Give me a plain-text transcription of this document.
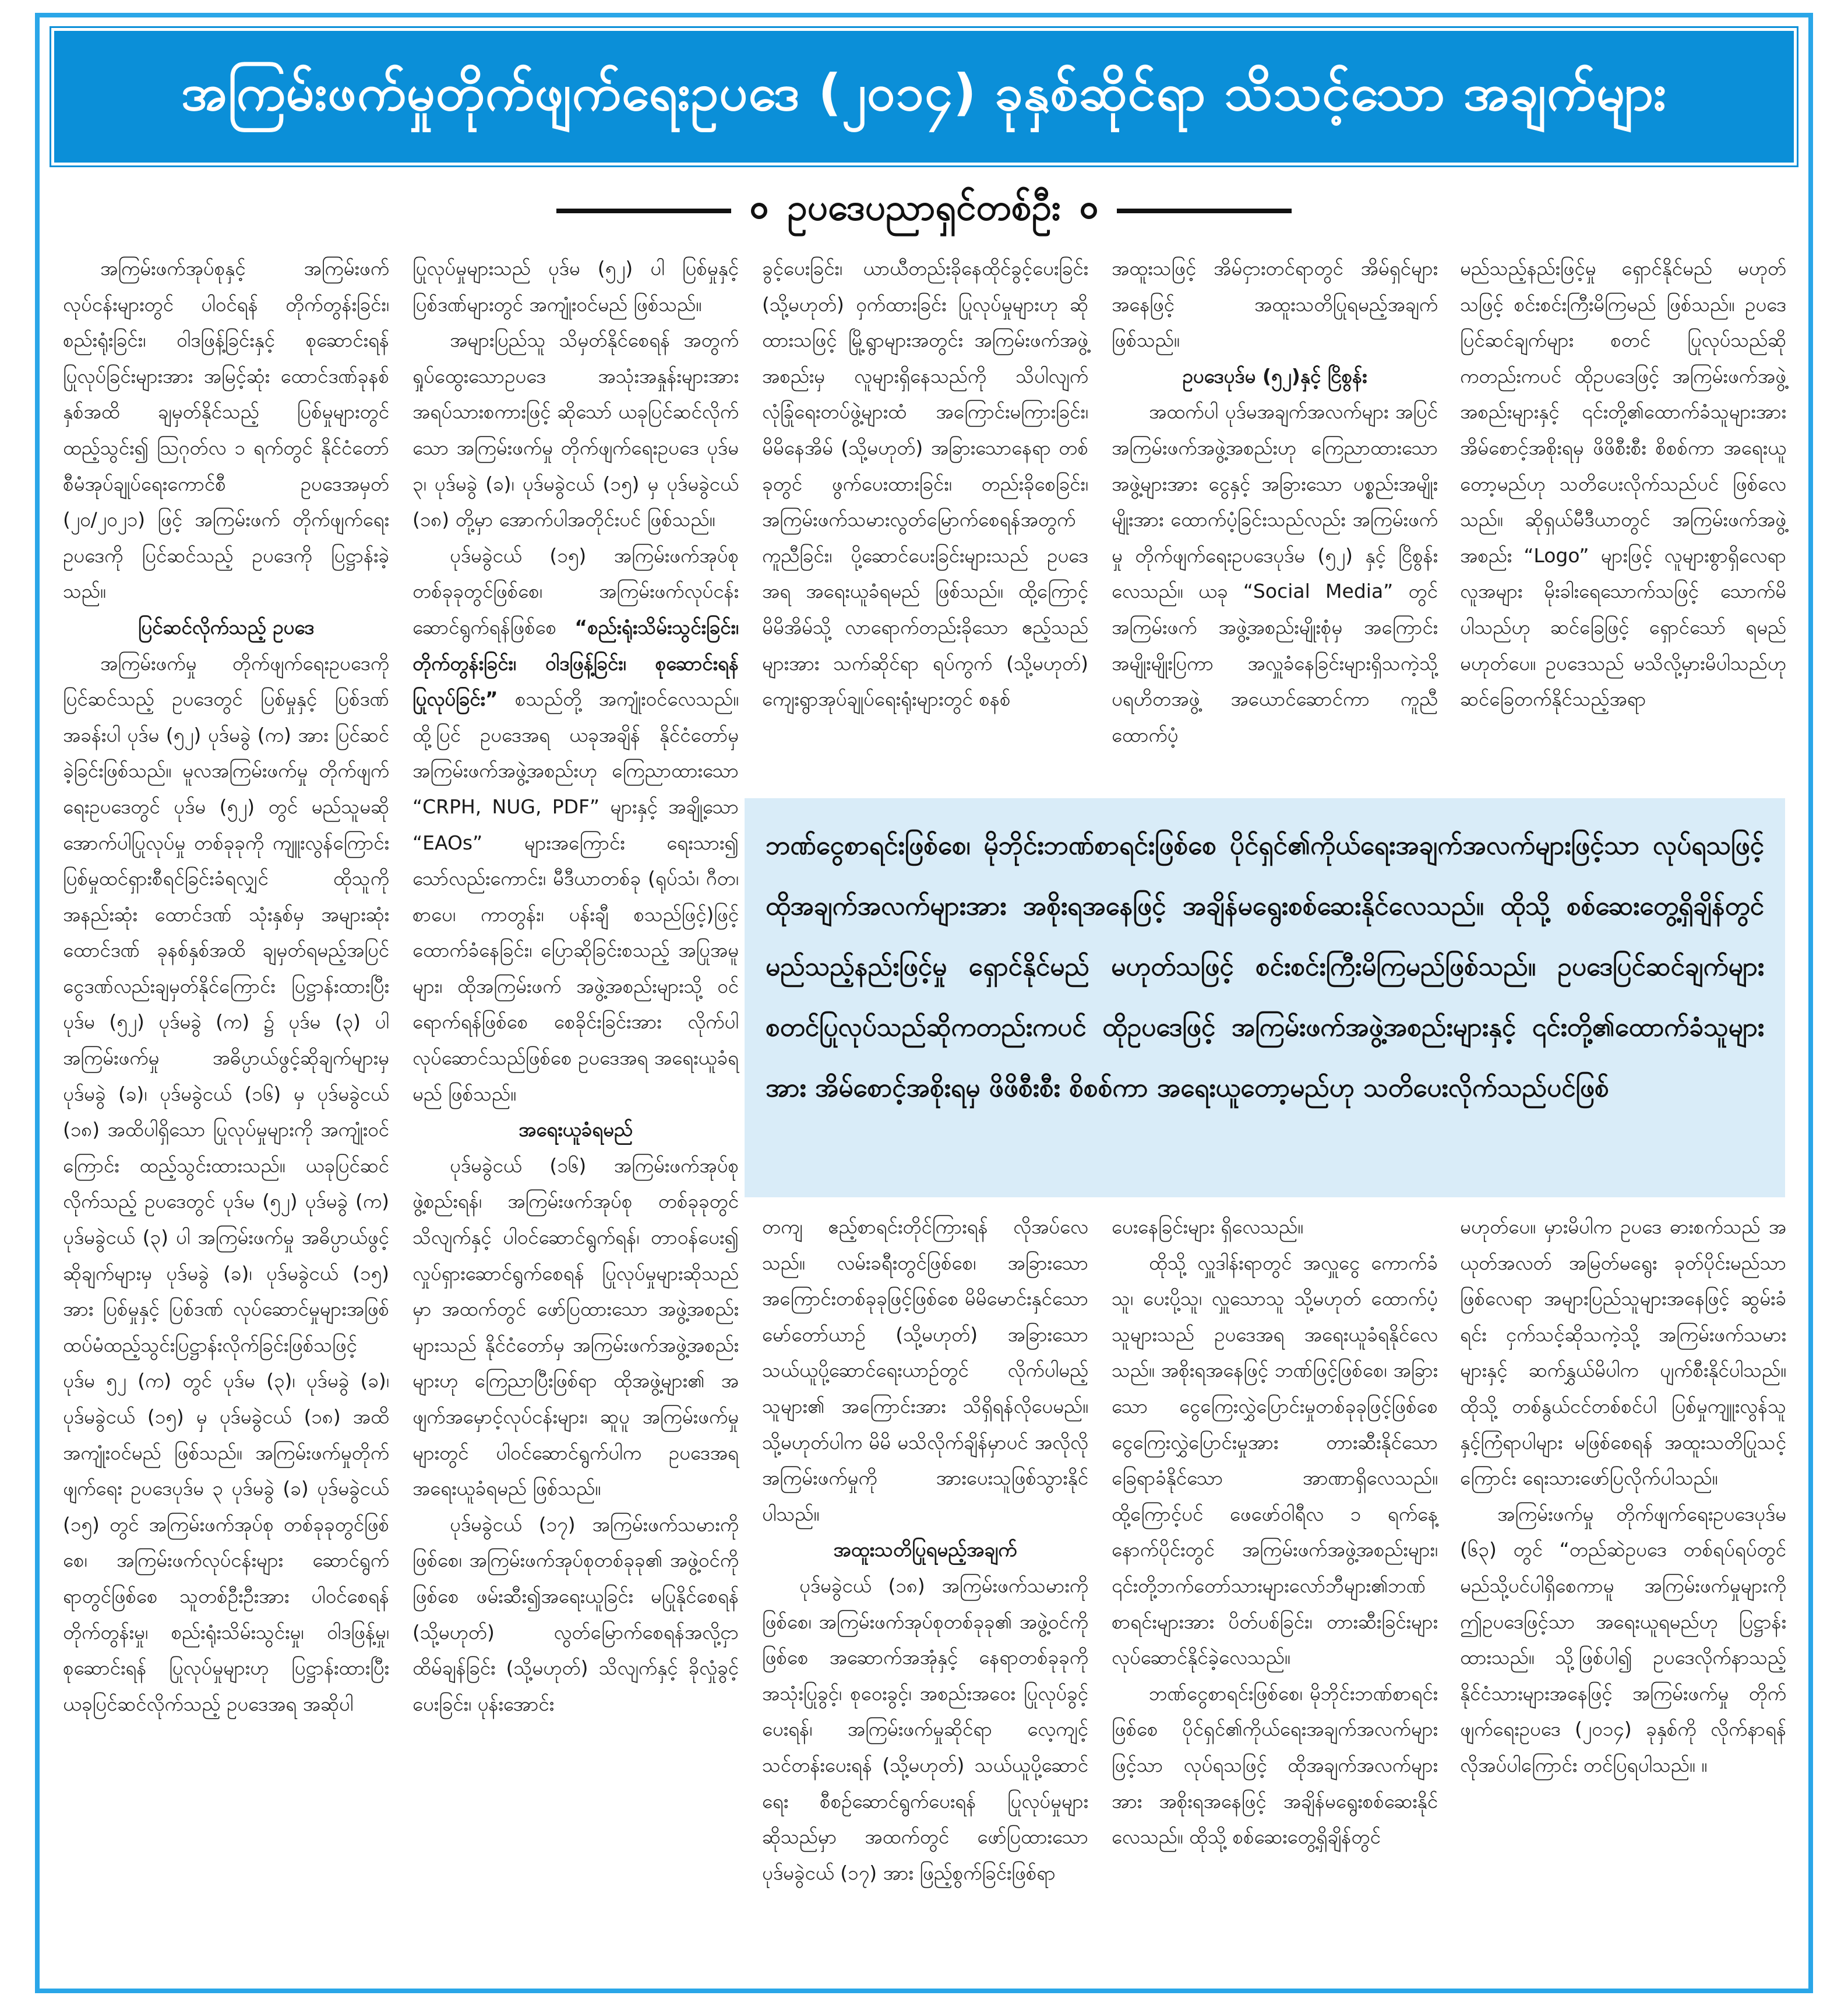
အကြမ်းဖက်မှုတိုက်ဖျက်ရေးဥပဒေ (၂၀၁၄) ခုနှစ်ဆိုင်ရာ သိသင့်သော အချက်များ
ဥပဒေပညာရှင်တစ်ဦး

အကြမ်းဖက်အုပ်စုနှင့် အကြမ်းဖက်လုပ်ငန်းများတွင် ပါဝင်ရန် တိုက်တွန်းခြင်း၊ စည်းရုံးခြင်း၊ ဝါဒဖြန့်ခြင်းနှင့် စုဆောင်းရန် ပြုလုပ်ခြင်းများအား အမြင့်ဆုံး ထောင်ဒဏ်ခုနစ်နှစ်အထိ ချမှတ်နိုင်သည့် ပြစ်မှုများတွင် ထည့်သွင်း၍ ဩဂုတ်လ ၁ ရက်တွင် နိုင်ငံတော် စီမံအုပ်ချုပ်ရေးကောင်စီ ဥပဒေအမှတ် (၂၀/၂၀၂၁) ဖြင့် အကြမ်းဖက် တိုက်ဖျက်ရေးဥပဒေကို ပြင်ဆင်သည့် ဥပဒေကို ပြဋ္ဌာန်းခဲ့သည်။

ပြင်ဆင်လိုက်သည့် ဥပဒေ

အကြမ်းဖက်မှု တိုက်ဖျက်ရေးဥပဒေကို ပြင်ဆင်သည့် ဥပဒေတွင် ပြစ်မှုနှင့် ပြစ်ဒဏ်အခန်းပါ ပုဒ်မ (၅၂) ပုဒ်မခွဲ (က) အား ပြင်ဆင်ခဲ့ခြင်းဖြစ်သည်။ မူလအကြမ်းဖက်မှု တိုက်ဖျက်ရေးဥပဒေတွင် ပုဒ်မ (၅၂) တွင် မည်သူမဆို အောက်ပါပြုလုပ်မှု တစ်ခုခုကို ကျူးလွန်ကြောင်း ပြစ်မှုထင်ရှားစီရင်ခြင်းခံရလျှင် ထိုသူကို အနည်းဆုံး ထောင်ဒဏ် သုံးနှစ်မှ အများဆုံး ထောင်ဒဏ် ခုနစ်နှစ်အထိ ချမှတ်ရမည့်အပြင် ငွေဒဏ်လည်းချမှတ်နိုင်ကြောင်း ပြဋ္ဌာန်းထားပြီး ပုဒ်မ (၅၂) ပုဒ်မခွဲ (က) ၌ ပုဒ်မ (၃) ပါ အကြမ်းဖက်မှု အဓိပ္ပာယ်ဖွင့်ဆိုချက်များမှ ပုဒ်မခွဲ (ခ)၊ ပုဒ်မခွဲငယ် (၁၆) မှ ပုဒ်မခွဲငယ် (၁၈) အထိပါရှိသော ပြုလုပ်မှုများကို အကျုံးဝင်ကြောင်း ထည့်သွင်းထားသည်။ ယခုပြင်ဆင်လိုက်သည့် ဥပဒေတွင် ပုဒ်မ (၅၂) ပုဒ်မခွဲ (က) ပုဒ်မခွဲငယ် (၃) ပါ အကြမ်းဖက်မှု အဓိပ္ပာယ်ဖွင့်ဆိုချက်များမှ ပုဒ်မခွဲ (ခ)၊ ပုဒ်မခွဲငယ် (၁၅) အား ပြစ်မှုနှင့် ပြစ်ဒဏ် လုပ်ဆောင်မှုများအဖြစ် ထပ်မံထည့်သွင်းပြဋ္ဌာန်းလိုက်ခြင်းဖြစ်သဖြင့် ပုဒ်မ ၅၂ (က) တွင် ပုဒ်မ (၃)၊ ပုဒ်မခွဲ (ခ)၊ ပုဒ်မခွဲငယ် (၁၅) မှ ပုဒ်မခွဲငယ် (၁၈) အထိ အကျုံးဝင်မည် ဖြစ်သည်။ အကြမ်းဖက်မှုတိုက်ဖျက်ရေး ဥပဒေပုဒ်မ ၃ ပုဒ်မခွဲ (ခ) ပုဒ်မခွဲငယ် (၁၅) တွင် အကြမ်းဖက်အုပ်စု တစ်ခုခုတွင်ဖြစ်စေ၊ အကြမ်းဖက်လုပ်ငန်းများ ဆောင်ရွက်ရာတွင်ဖြစ်စေ သူတစ်ဦးဦးအား ပါဝင်စေရန် တိုက်တွန်းမှု၊ စည်းရုံးသိမ်းသွင်းမှု၊ ဝါဒဖြန့်မှု၊ စုဆောင်းရန် ပြုလုပ်မှုများဟု ပြဋ္ဌာန်းထားပြီး ယခုပြင်ဆင်လိုက်သည့် ဥပဒေအရ အဆိုပါ

ပြုလုပ်မှုများသည် ပုဒ်မ (၅၂) ပါ ပြစ်မှုနှင့် ပြစ်ဒဏ်များတွင် အကျုံးဝင်မည် ဖြစ်သည်။

အများပြည်သူ သိမှတ်နိုင်စေရန် အတွက် ရှုပ်ထွေးသောဥပဒေ အသုံးအနှုန်းများအား အရပ်သားစကားဖြင့် ဆိုသော် ယခုပြင်ဆင်လိုက်သော အကြမ်းဖက်မှု တိုက်ဖျက်ရေးဥပဒေ ပုဒ်မ ၃၊ ပုဒ်မခွဲ (ခ)၊ ပုဒ်မခွဲငယ် (၁၅) မှ ပုဒ်မခွဲငယ် (၁၈) တို့မှာ အောက်ပါအတိုင်းပင် ဖြစ်သည်။

ပုဒ်မခွဲငယ် (၁၅) အကြမ်းဖက်အုပ်စုတစ်ခုခုတွင်ဖြစ်စေ၊ အကြမ်းဖက်လုပ်ငန်းဆောင်ရွက်ရန်ဖြစ်စေ “စည်းရုံးသိမ်းသွင်းခြင်း၊ တိုက်တွန်းခြင်း၊ ဝါဒဖြန့်ခြင်း၊ စုဆောင်းရန် ပြုလုပ်ခြင်း” စသည်တို့ အကျုံးဝင်လေသည်။ ထို့ပြင် ဥပဒေအရ ယခုအချိန် နိုင်ငံတော်မှ အကြမ်းဖက်အဖွဲ့အစည်းဟု ကြေညာထားသော “CRPH, NUG, PDF” များနှင့် အချို့သော “EAOs” များအကြောင်း ရေးသား၍ သော်လည်းကောင်း၊ မီဒီယာတစ်ခု (ရုပ်သံ၊ ဂီတ၊ စာပေ၊ ကာတွန်း၊ ပန်းချီ စသည်ဖြင့်)ဖြင့် ထောက်ခံနေခြင်း၊ ပြောဆိုခြင်းစသည့် အပြုအမူများ၊ ထိုအကြမ်းဖက် အဖွဲ့အစည်းများသို့ ဝင်ရောက်ရန်ဖြစ်စေ စေခိုင်းခြင်းအား လိုက်ပါလုပ်ဆောင်သည်ဖြစ်စေ ဥပဒေအရ အရေးယူခံရမည် ဖြစ်သည်။

အရေးယူခံရမည်

ပုဒ်မခွဲငယ် (၁၆) အကြမ်းဖက်အုပ်စုဖွဲ့စည်းရန်၊ အကြမ်းဖက်အုပ်စု တစ်ခုခုတွင် သိလျက်နှင့် ပါဝင်ဆောင်ရွက်ရန်၊ တာဝန်ပေး၍ လှုပ်ရှားဆောင်ရွက်စေရန် ပြုလုပ်မှုများဆိုသည်မှာ အထက်တွင် ဖော်ပြထားသော အဖွဲ့အစည်းများသည် နိုင်ငံတော်မှ အကြမ်းဖက်အဖွဲ့အစည်းများဟု ကြေညာပြီးဖြစ်ရာ ထိုအဖွဲ့များ၏ အဖျက်အမှောင့်လုပ်ငန်းများ၊ ဆူပူ အကြမ်းဖက်မှုများတွင် ပါဝင်ဆောင်ရွက်ပါက ဥပဒေအရ အရေးယူခံရမည် ဖြစ်သည်။

ပုဒ်မခွဲငယ် (၁၇) အကြမ်းဖက်သမားကိုဖြစ်စေ၊ အကြမ်းဖက်အုပ်စုတစ်ခုခု၏ အဖွဲ့ဝင်ကိုဖြစ်စေ ဖမ်းဆီး၍အရေးယူခြင်း မပြုနိုင်စေရန် (သို့မဟုတ်) လွတ်မြောက်စေရန်အလို့ငှာ ထိမ်ချန်ခြင်း (သို့မဟုတ်) သိလျက်နှင့် ခိုလှုံခွင့်ပေးခြင်း၊ ပုန်းအောင်း

ခွင့်ပေးခြင်း၊ ယာယီတည်းခိုနေထိုင်ခွင့်ပေးခြင်း (သို့မဟုတ်) ဝှက်ထားခြင်း ပြုလုပ်မှုများဟု ဆိုထားသဖြင့် မြို့ရွာများအတွင်း အကြမ်းဖက်အဖွဲ့အစည်းမှ လူများရှိနေသည်ကို သိပါလျက် လုံခြုံရေးတပ်ဖွဲ့များထံ အကြောင်းမကြားခြင်း၊ မိမိနေအိမ် (သို့မဟုတ်) အခြားသောနေရာ တစ်ခုတွင် ဖွက်ပေးထားခြင်း၊ တည်းခိုစေခြင်း၊ အကြမ်းဖက်သမားလွတ်မြောက်စေရန်အတွက် ကူညီခြင်း၊ ပို့ဆောင်ပေးခြင်းများသည် ဥပဒေအရ အရေးယူခံရမည် ဖြစ်သည်။ ထို့ကြောင့် မိမိအိမ်သို့ လာရောက်တည်းခိုသော ဧည့်သည်များအား သက်ဆိုင်ရာ ရပ်ကွက် (သို့မဟုတ်) ကျေးရွာအုပ်ချုပ်ရေးရုံးများတွင် စနစ်

အထူးသဖြင့် အိမ်ငှားတင်ရာတွင် အိမ်ရှင်များအနေဖြင့် အထူးသတိပြုရမည့်အချက် ဖြစ်သည်။

ဥပဒေပုဒ်မ (၅၂)နှင့် ငြိစွန်း

အထက်ပါ ပုဒ်မအချက်အလက်များ အပြင် အကြမ်းဖက်အဖွဲ့အစည်းဟု ကြေညာထားသောအဖွဲ့များအား ငွေနှင့် အခြားသော ပစ္စည်းအမျိုးမျိုးအား ထောက်ပံ့ခြင်းသည်လည်း အကြမ်းဖက်မှု တိုက်ဖျက်ရေးဥပဒေပုဒ်မ (၅၂) နှင့် ငြိစွန်းလေသည်။ ယခု “Social Media” တွင် အကြမ်းဖက် အဖွဲ့အစည်းမျိုးစုံမှ အကြောင်းအမျိုးမျိုးပြကာ အလှူခံနေခြင်းများရှိသကဲ့သို့ ပရဟိတအဖွဲ့ အယောင်ဆောင်ကာ ကူညီထောက်ပံ့

မည်သည့်နည်းဖြင့်မှု ရှောင်နိုင်မည် မဟုတ်သဖြင့် စင်းစင်းကြီးမိကြမည် ဖြစ်သည်။ ဥပဒေပြင်ဆင်ချက်များ စတင် ပြုလုပ်သည်ဆိုကတည်းကပင် ထိုဥပဒေဖြင့် အကြမ်းဖက်အဖွဲ့အစည်းများနှင့် ၎င်းတို့၏ထောက်ခံသူများအား အိမ်စောင့်အစိုးရမှ ဖိဖိစီးစီး စိစစ်ကာ အရေးယူတော့မည်ဟု သတိပေးလိုက်သည်ပင် ဖြစ်လေသည်။ ဆိုရှယ်မီဒီယာတွင် အကြမ်းဖက်အဖွဲ့အစည်း “Logo” များဖြင့် လူများစွာရှိလေရာ လူအများ မိုးခါးရေသောက်သဖြင့် သောက်မိပါသည်ဟု ဆင်ခြေဖြင့် ရှောင်သော် ရမည် မဟုတ်ပေ။ ဥပဒေသည် မသိလို့မှားမိပါသည်ဟု ဆင်ခြေတက်နိုင်သည့်အရာ

ဘဏ်ငွေစာရင်းဖြစ်စေ၊ မိုဘိုင်းဘဏ်စာရင်းဖြစ်စေ ပိုင်ရှင်၏ကိုယ်ရေးအချက်အလက်များဖြင့်သာ လုပ်ရသဖြင့် ထိုအချက်အလက်များအား အစိုးရအနေဖြင့် အချိန်မရွေးစစ်ဆေးနိုင်လေသည်။ ထိုသို့ စစ်ဆေးတွေ့ရှိချိန်တွင် မည်သည့်နည်းဖြင့်မှု ရှောင်နိုင်မည် မဟုတ်သဖြင့် စင်းစင်းကြီးမိကြမည်ဖြစ်သည်။ ဥပဒေပြင်ဆင်ချက်များ စတင်ပြုလုပ်သည်ဆိုကတည်းကပင် ထိုဥပဒေဖြင့် အကြမ်းဖက်အဖွဲ့အစည်းများနှင့် ၎င်းတို့၏ထောက်ခံသူများအား အိမ်စောင့်အစိုးရမှ ဖိဖိစီးစီး စိစစ်ကာ အရေးယူတော့မည်ဟု သတိပေးလိုက်သည်ပင်ဖြစ်

တကျ ဧည့်စာရင်းတိုင်ကြားရန် လိုအပ်လေသည်။ လမ်းခရီးတွင်ဖြစ်စေ၊ အခြားသော အကြောင်းတစ်ခုခုဖြင့်ဖြစ်စေ မိမိမောင်းနှင်သော မော်တော်ယာဉ် (သို့မဟုတ်) အခြားသော သယ်ယူပို့ဆောင်ရေးယာဉ်တွင် လိုက်ပါမည့်သူများ၏ အကြောင်းအား သိရှိရန်လိုပေမည်။ သို့မဟုတ်ပါက မိမိ မသိလိုက်ချိန်မှာပင် အလိုလို အကြမ်းဖက်မှုကို အားပေးသူဖြစ်သွားနိုင်ပါသည်။

အထူးသတိပြုရမည့်အချက်

ပုဒ်မခွဲငယ် (၁၈) အကြမ်းဖက်သမားကိုဖြစ်စေ၊ အကြမ်းဖက်အုပ်စုတစ်ခုခု၏ အဖွဲ့ဝင်ကိုဖြစ်စေ အဆောက်အအုံနှင့် နေရာတစ်ခုခုကို အသုံးပြုခွင့်၊ စုဝေးခွင့်၊ အစည်းအဝေး ပြုလုပ်ခွင့်ပေးရန်၊ အကြမ်းဖက်မှုဆိုင်ရာ လေ့ကျင့်သင်တန်းပေးရန် (သို့မဟုတ်) သယ်ယူပို့ဆောင်ရေး စီစဉ်ဆောင်ရွက်ပေးရန် ပြုလုပ်မှုများ ဆိုသည်မှာ အထက်တွင် ဖော်ပြထားသော ပုဒ်မခွဲငယ် (၁၇) အား ဖြည့်စွက်ခြင်းဖြစ်ရာ

ပေးနေခြင်းများ ရှိလေသည်။

ထိုသို့ လှူဒါန်းရာတွင် အလှူငွေ ကောက်ခံသူ၊ ပေးပို့သူ၊ လှူသောသူ သို့မဟုတ် ထောက်ပံ့သူများသည် ဥပဒေအရ အရေးယူခံရနိုင်လေသည်။ အစိုးရအနေဖြင့် ဘဏ်ဖြင့်ဖြစ်စေ၊ အခြားသော ငွေကြေးလွှဲပြောင်းမှုတစ်ခုခုဖြင့်ဖြစ်စေ ငွေကြေးလွှဲပြောင်းမှုအား တားဆီးနိုင်သော ခြေရာခံနိုင်သော အာဏာရှိလေသည်။ ထို့ကြောင့်ပင် ဖေဖော်ဝါရီလ ၁ ရက်နေ့ နောက်ပိုင်းတွင် အကြမ်းဖက်အဖွဲ့အစည်းများ၊ ၎င်းတို့ဘက်တော်သားများလော်ဘီများ၏ဘဏ်စာရင်းများအား ပိတ်ပစ်ခြင်း၊ တားဆီးခြင်းများလုပ်ဆောင်နိုင်ခဲ့လေသည်။

ဘဏ်ငွေစာရင်းဖြစ်စေ၊ မိုဘိုင်းဘဏ်စာရင်းဖြစ်စေ ပိုင်ရှင်၏ကိုယ်ရေးအချက်အလက်များဖြင့်သာ လုပ်ရသဖြင့် ထိုအချက်အလက်များအား အစိုးရအနေဖြင့် အချိန်မရွေးစစ်ဆေးနိုင်လေသည်။ ထိုသို့ စစ်ဆေးတွေ့ရှိချိန်တွင်

မဟုတ်ပေ။ မှားမိပါက ဥပဒေ ဓားစက်သည် အယုတ်အလတ် အမြတ်မရွေး ခုတ်ပိုင်းမည်သာဖြစ်လေရာ အများပြည်သူများအနေဖြင့် ဆွမ်းခံရင်း ငှက်သင့်ဆိုသကဲ့သို့ အကြမ်းဖက်သမားများနှင့် ဆက်နွှယ်မိပါက ပျက်စီးနိုင်ပါသည်။ ထိုသို့ တစ်နွယ်ငင်တစ်စင်ပါ ပြစ်မှုကျူးလွန်သူနှင့်ကြံရာပါများ မဖြစ်စေရန် အထူးသတိပြုသင့်ကြောင်း ရေးသားဖော်ပြလိုက်ပါသည်။

အကြမ်းဖက်မှု တိုက်ဖျက်ရေးဥပဒေပုဒ်မ (၆၃) တွင် “တည်ဆဲဥပဒေ တစ်ရပ်ရပ်တွင် မည်သို့ပင်ပါရှိစေကာမူ အကြမ်းဖက်မှုများကို ဤဥပဒေဖြင့်သာ အရေးယူရမည်ဟု ပြဋ္ဌာန်းထားသည်။ သို့ဖြစ်ပါ၍ ဥပဒေလိုက်နာသည့် နိုင်ငံသားများအနေဖြင့် အကြမ်းဖက်မှု တိုက်ဖျက်ရေးဥပဒေ (၂၀၁၄) ခုနှစ်ကို လိုက်နာရန် လိုအပ်ပါကြောင်း တင်ပြရပါသည်။ ။
